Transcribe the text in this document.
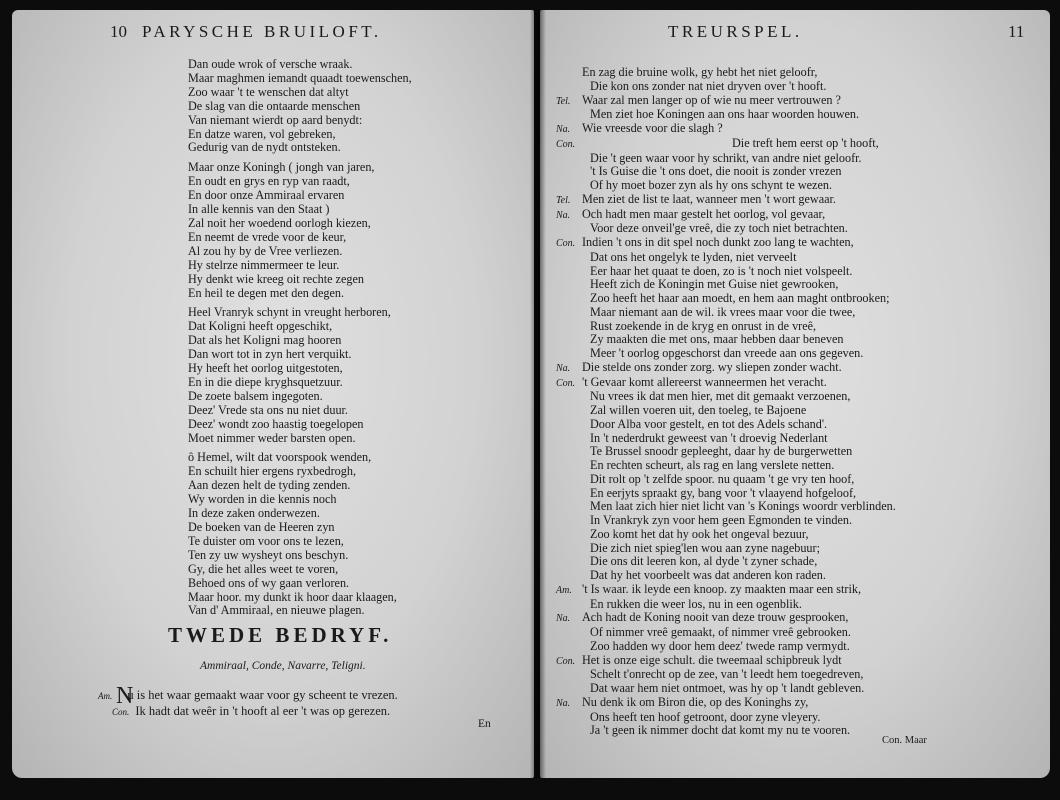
10 PARYSCHE BRUILOFT.
Dan oude wrok of versche wraak.
Maar maghmen iemandt quaadt toewenschen,
Zoo waar 't te wenschen dat altyt
De slag van die ontaarde menschen
Van niemant wierdt op aard benydt:
En datze waren, vol gebreken,
Gedurig van de nydt ontsteken.
Maar onze Koningh ( jongh van jaren,
En oudt en grys en ryp van raadt,
En door onze Ammiraal ervaren
In alle kennis van den Staat )
Zal noit her woedend oorlogh kiezen,
En neemt de vrede voor de keur,
Al zou hy by de Vree verliezen.
Hy stelrze nimmermeer te leur.
Hy denkt wie kreeg oit rechte zegen
En heil te degen met den degen.
Heel Vranryk schynt in vreught herboren,
Dat Koligni heeft opgeschikt,
Dat als het Koligni mag hooren
Dan wort tot in zyn hert verquikt.
Hy heeft het oorlog uitgestoten,
En in die diepe kryghsquetzuur.
De zoete balsem ingegoten.
Deez' Vrede sta ons nu niet duur.
Deez' wondt zoo haastig toegelopen
Moet nimmer weder barsten open.
ô Hemel, wilt dat voorspook wenden,
En schuilt hier ergens ryxbedrogh,
Aan dezen helt de tyding zenden.
Wy worden in die kennis noch
In deze zaken onderwezen.
De boeken van de Heeren zyn
Te duister om voor ons te lezen,
Ten zy uw wysheyt ons beschyn.
Gy, die het alles weet te voren,
Behoed ons of wy gaan verloren.
Maar hoor. my dunkt ik hoor daar klaagen,
Van d' Ammiraal, en nieuwe plagen.
TWEDE BEDRYF.
Ammiraal, Conde, Navarre, Teligni.
N
Am. u is het waar gemaakt waar voor gy scheent te vrezen.
Con. Ik hadt dat weêr in 't hooft al eer 't was op gerezen.
En
TREURSPEL.	11
En zag die bruine wolk, gy hebt het niet geloofr,
Die kon ons zonder nat niet dryven over 't hooft.
Tel. Waar zal men langer op of wie nu meer vertrouwen ?
Men ziet hoe Koningen aan ons haar woorden houwen.
Na. Wie vreesde voor die slagh ?
Con.	Die treft hem eerst op 't hooft,
Die 't geen waar voor hy schrikt, van andre niet geloofr.
't Is Guise die 't ons doet, die nooit is zonder vrezen
Of hy moet bozer zyn als hy ons schynt te wezen.
Tel. Men ziet de list te laat, wanneer men 't wort gewaar.
Na. Och hadt men maar gestelt het oorlog, vol gevaar,
Voor deze onveil'ge vreê, die zy toch niet betrachten.
Con. Indien 't ons in dit spel noch dunkt zoo lang te wachten,
Dat ons het ongelyk te lyden, niet verveelt
Eer haar het quaat te doen, zo is 't noch niet volspeelt.
Heeft zich de Koningin met Guise niet gewrooken,
Zoo heeft het haar aan moedt, en hem aan maght ontbrooken;
Maar niemant aan de wil. ik vrees maar voor die twee,
Rust zoekende in de kryg en onrust in de vreê,
Zy maakten die met ons, maar hebben daar beneven
Meer 't oorlog opgeschorst dan vreede aan ons gegeven.
Na. Die stelde ons zonder zorg. wy sliepen zonder wacht.
Con. 't Gevaar komt allereerst wanneermen het veracht.
Nu vrees ik dat men hier, met dit gemaakt verzoenen,
Zal willen voeren uit, den toeleg, te Bajoene
Door Alba voor gestelt, en tot des Adels schand'.
In 't nederdrukt geweest van 't droevig Nederlant
Te Brussel snoodr gepleeght, daar hy de burgerwetten
En rechten scheurt, als rag en lang verslete netten.
Dit rolt op 't zelfde spoor. nu quaam 't ge vry ten hoof,
En eerjyts spraakt gy, bang voor 't vlaayend hofgeloof,
Men laat zich hier niet licht van 's Konings woordr verblinden.
In Vrankryk zyn voor hem geen Egmonden te vinden.
Zoo komt het dat hy ook het ongeval bezuur,
Die zich niet spieg'len wou aan zyne nagebuur;
Die ons dit leeren kon, al dyde 't zyner schade,
Dat hy het voorbeelt was dat anderen kon raden.
Am. 't Is waar. ik leyde een knoop. zy maakten maar een strik,
En rukken die weer los, nu in een ogenblik.
Na. Ach hadt de Koning nooit van deze trouw gesprooken,
Of nimmer vreê gemaakt, of nimmer vreê gebrooken.
Zoo hadden wy door hem deez' twede ramp vermydt.
Con. Het is onze eige schult. die tweemaal schipbreuk lydt
Schelt t'onrecht op de zee, van 't leedt hem toegedreven,
Dat waar hem niet ontmoet, was hy op 't landt gebleven.
Na. Nu denk ik om Biron die, op des Koninghs zy,
Ons heeft ten hoof getroont, door zyne vleyery.
Ja 't geen ik nimmer docht dat komt my nu te vooren.
Con. Maar
